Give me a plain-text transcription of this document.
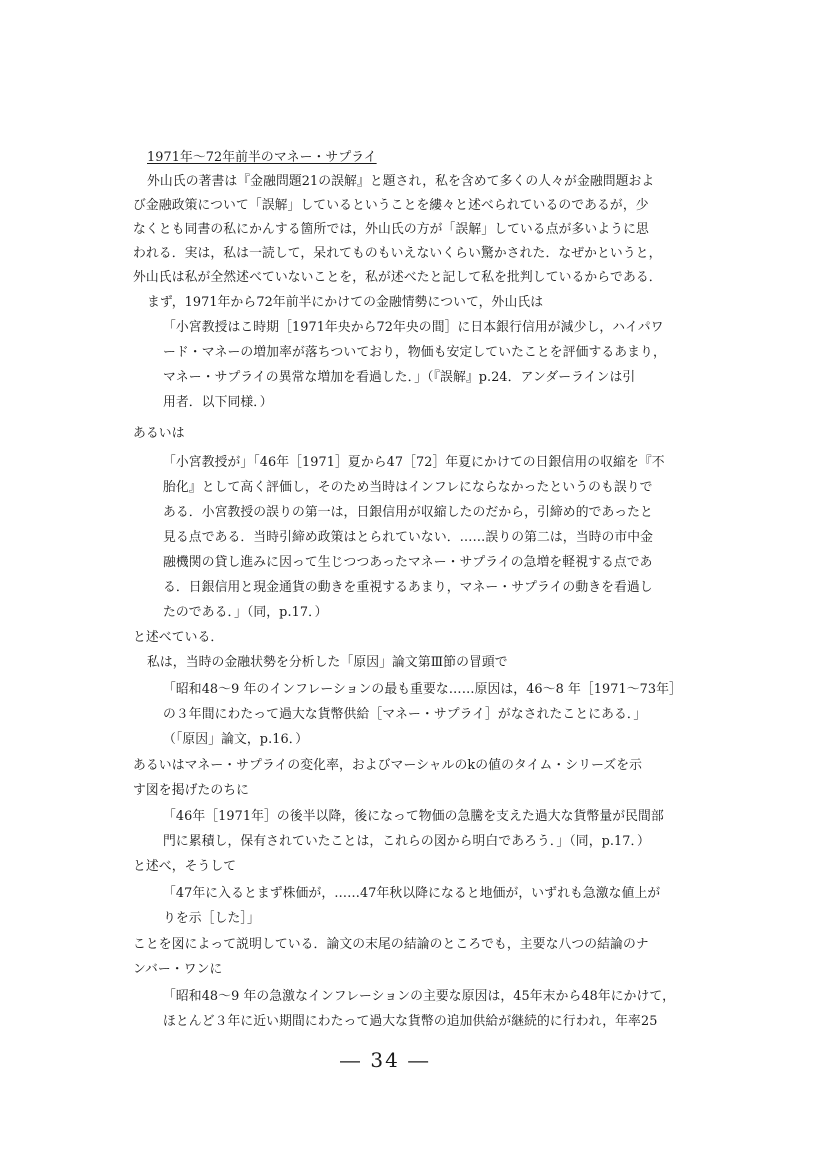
1971年〜72年前半のマネー・サプライ
外山氏の著書は『金融問題21の誤解』と題され，私を含めて多くの人々が金融問題およ
び金融政策について「誤解」しているということを縷々と述べられているのであるが，少
なくとも同書の私にかんする箇所では，外山氏の方が「誤解」している点が多いように思
われる．実は，私は一読して，呆れてものもいえないくらい驚かされた．なぜかというと，
外山氏は私が全然述べていないことを，私が述べたと記して私を批判しているからである．
まず，1971年から72年前半にかけての金融情勢について，外山氏は
「小宮教授はこ時期［1971年央から72年央の間］に日本銀行信用が減少し，ハイパワ
ード・マネーの増加率が落ちついており，物価も安定していたことを評価するあまり，
マネー・サプライの異常な増加を看過した．」（『誤解』p.24．アンダーラインは引
用者．以下同様．）
あるいは
「小宮教授が」「46年［1971］夏から47［72］年夏にかけての日銀信用の収縮を『不
胎化』として高く評価し，そのため当時はインフレにならなかったというのも誤りで
ある．小宮教授の誤りの第一は，日銀信用が収縮したのだから，引締め的であったと
見る点である．当時引締め政策はとられていない．……誤りの第二は，当時の市中金
融機関の貸し進みに因って生じつつあったマネー・サプライの急増を軽視する点であ
る．日銀信用と現金通貨の動きを重視するあまり，マネー・サプライの動きを看過し
たのである．」（同，p.17．）
と述べている．
私は，当時の金融状勢を分析した「原因」論文第Ⅲ節の冒頭で
「昭和48〜9 年のインフレーションの最も重要な……原因は，46〜8 年［1971〜73年］
の３年間にわたって過大な貨幣供給［マネー・サプライ］がなされたことにある．」
（「原因」論文，p.16．）
あるいはマネー・サプライの変化率，およびマーシャルのkの値のタイム・シリーズを示
す図を掲げたのちに
「46年［1971年］の後半以降，後になって物価の急騰を支えた過大な貨幣量が民間部
門に累積し，保有されていたことは，これらの図から明白であろう．」（同，p.17．）
と述べ，そうして
「47年に入るとまず株価が，……47年秋以降になると地価が，いずれも急激な値上が
りを示［した］」
ことを図によって説明している．論文の末尾の結論のところでも，主要な八つの結論のナ
ンバー・ワンに
「昭和48〜9 年の急激なインフレーションの主要な原因は，45年末から48年にかけて，
ほとんど３年に近い期間にわたって過大な貨幣の追加供給が継続的に行われ，年率25
― 34 ―
